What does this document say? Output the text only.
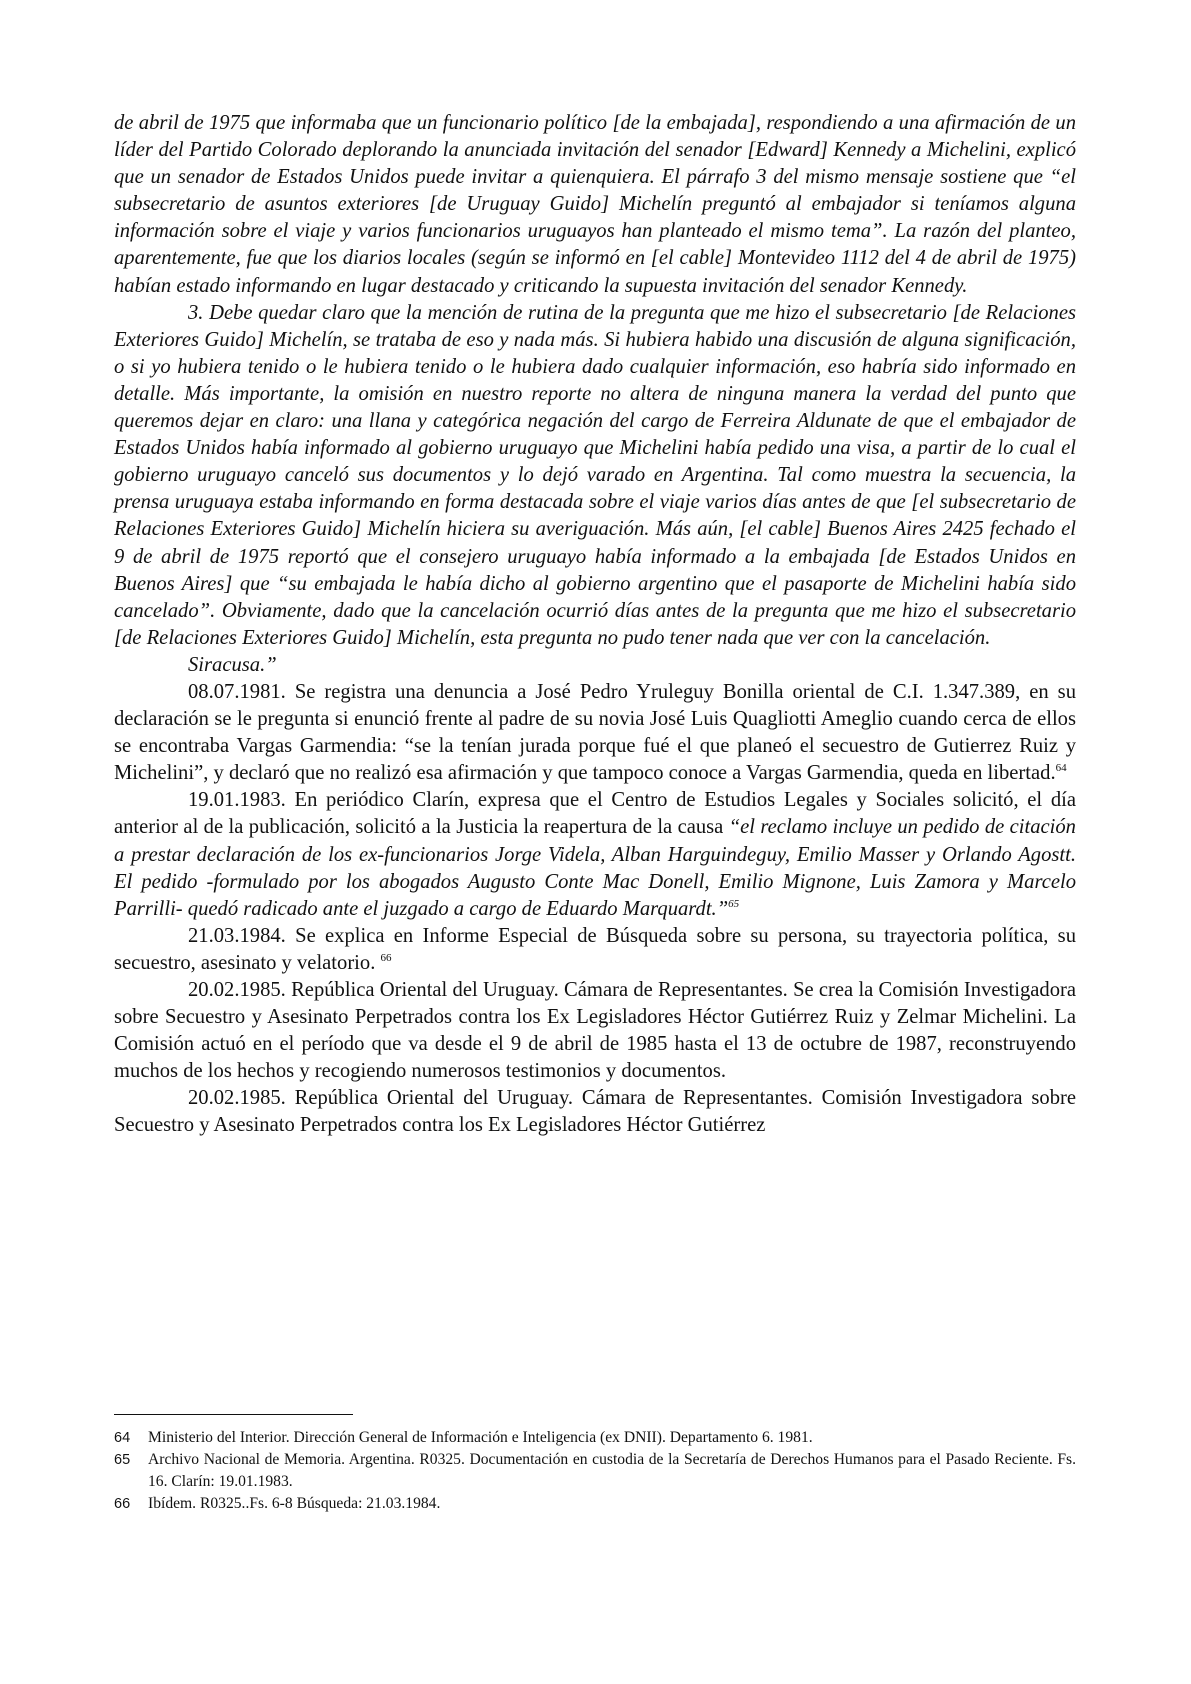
de abril de 1975 que informaba que un funcionario político [de la embajada], respondiendo a una afirmación de un líder del Partido Colorado deplorando la anunciada invitación del senador [Edward] Kennedy a Michelini, explicó que un senador de Estados Unidos puede invitar a quienquiera. El párrafo 3 del mismo mensaje sostiene que “el subsecretario de asuntos exteriores [de Uruguay Guido] Michelín preguntó al embajador si teníamos alguna información sobre el viaje y varios funcionarios uruguayos han planteado el mismo tema”. La razón del planteo, aparentemente, fue que los diarios locales (según se informó en [el cable] Montevideo 1112 del 4 de abril de 1975) habían estado informando en lugar destacado y criticando la supuesta invitación del senador Kennedy.

3. Debe quedar claro que la mención de rutina de la pregunta que me hizo el subsecretario [de Relaciones Exteriores Guido] Michelín, se trataba de eso y nada más. Si hubiera habido una discusión de alguna significación, o si yo hubiera tenido o le hubiera tenido o le hubiera dado cualquier información, eso habría sido informado en detalle. Más importante, la omisión en nuestro reporte no altera de ninguna manera la verdad del punto que queremos dejar en claro: una llana y categórica negación del cargo de Ferreira Aldunate de que el embajador de Estados Unidos había informado al gobierno uruguayo que Michelini había pedido una visa, a partir de lo cual el gobierno uruguayo canceló sus documentos y lo dejó varado en Argentina. Tal como muestra la secuencia, la prensa uruguaya estaba informando en forma destacada sobre el viaje varios días antes de que [el subsecretario de Relaciones Exteriores Guido] Michelín hiciera su averiguación. Más aún, [el cable] Buenos Aires 2425 fechado el 9 de abril de 1975 reportó que el consejero uruguayo había informado a la embajada [de Estados Unidos en Buenos Aires] que “su embajada le había dicho al gobierno argentino que el pasaporte de Michelini había sido cancelado”. Obviamente, dado que la cancelación ocurrió días antes de la pregunta que me hizo el subsecretario [de Relaciones Exteriores Guido] Michelín, esta pregunta no pudo tener nada que ver con la cancelación.

Siracusa.”

08.07.1981. Se registra una denuncia a José Pedro Yruleguy Bonilla oriental de C.I. 1.347.389, en su declaración se le pregunta si enunció frente al padre de su novia José Luis Quagliotti Ameglio cuando cerca de ellos se encontraba Vargas Garmendia: “se la tenían jurada porque fué el que planeó el secuestro de Gutierrez Ruiz y Michelini”, y declaró que no realizó esa afirmación y que tampoco conoce a Vargas Garmendia, queda en libertad.$^{64}$

19.01.1983. En periódico Clarín, expresa que el Centro de Estudios Legales y Sociales solicitó, el día anterior al de la publicación, solicitó a la Justicia la reapertura de la causa “el reclamo incluye un pedido de citación a prestar declaración de los ex-funcionarios Jorge Videla, Alban Harguindeguy, Emilio Masser y Orlando Agostt. El pedido -formulado por los abogados Augusto Conte Mac Donell, Emilio Mignone, Luis Zamora y Marcelo Parrilli- quedó radicado ante el juzgado a cargo de Eduardo Marquardt.”$^{65}$

21.03.1984. Se explica en Informe Especial de Búsqueda sobre su persona, su trayectoria política, su secuestro, asesinato y velatorio. $^{66}$

20.02.1985. República Oriental del Uruguay. Cámara de Representantes. Se crea la Comisión Investigadora sobre Secuestro y Asesinato Perpetrados contra los Ex Legisladores Héctor Gutiérrez Ruiz y Zelmar Michelini. La Comisión actuó en el período que va desde el 9 de abril de 1985 hasta el 13 de octubre de 1987, reconstruyendo muchos de los hechos y recogiendo numerosos testimonios y documentos.

20.02.1985. República Oriental del Uruguay. Cámara de Representantes. Comisión Investigadora sobre Secuestro y Asesinato Perpetrados contra los Ex Legisladores Héctor Gutiérrez

64	Ministerio del Interior. Dirección General de Información e Inteligencia (ex DNII). Departamento 6. 1981.
65	Archivo Nacional de Memoria. Argentina. R0325. Documentación en custodia de la Secretaría de Derechos Humanos para el Pasado Reciente. Fs. 16. Clarín: 19.01.1983.
66	Ibídem. R0325..Fs. 6-8 Búsqueda: 21.03.1984.
